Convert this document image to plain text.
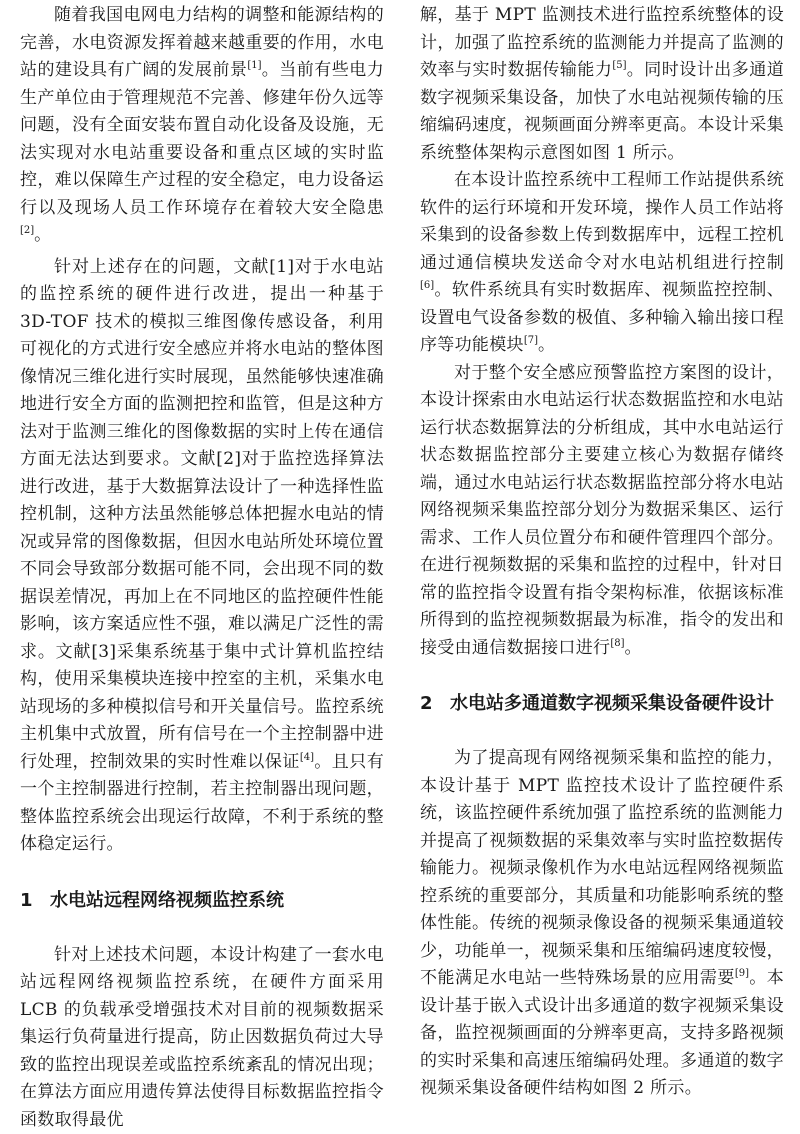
随着我国电网电力结构的调整和能源结构的完善，水电资源发挥着越来越重要的作用，水电站的建设具有广阔的发展前景[1]。当前有些电力生产单位由于管理规范不完善、修建年份久远等问题，没有全面安装布置自动化设备及设施，无法实现对水电站重要设备和重点区域的实时监控，难以保障生产过程的安全稳定，电力设备运行以及现场人员工作环境存在着较大安全隐患[2]。

针对上述存在的问题，文献[1]对于水电站的监控系统的硬件进行改进，提出一种基于 3D-TOF 技术的模拟三维图像传感设备，利用可视化的方式进行安全感应并将水电站的整体图像情况三维化进行实时展现，虽然能够快速准确地进行安全方面的监测把控和监管，但是这种方法对于监测三维化的图像数据的实时上传在通信方面无法达到要求。文献[2]对于监控选择算法进行改进，基于大数据算法设计了一种选择性监控机制，这种方法虽然能够总体把握水电站的情况或异常的图像数据，但因水电站所处环境位置不同会导致部分数据可能不同，会出现不同的数据误差情况，再加上在不同地区的监控硬件性能影响，该方案适应性不强，难以满足广泛性的需求。文献[3]采集系统基于集中式计算机监控结构，使用采集模块连接中控室的主机，采集水电站现场的多种模拟信号和开关量信号。监控系统主机集中式放置，所有信号在一个主控制器中进行处理，控制效果的实时性难以保证[4]。且只有一个主控制器进行控制，若主控制器出现问题，整体监控系统会出现运行故障，不利于系统的整体稳定运行。

1 水电站远程网络视频监控系统

针对上述技术问题，本设计构建了一套水电站远程网络视频监控系统，在硬件方面采用 LCB 的负载承受增强技术对目前的视频数据采集运行负荷量进行提高，防止因数据负荷过大导致的监控出现误差或监控系统紊乱的情况出现；在算法方面应用遗传算法使得目标数据监控指令函数取得最优

解，基于 MPT 监测技术进行监控系统整体的设计，加强了监控系统的监测能力并提高了监测的效率与实时数据传输能力[5]。同时设计出多通道数字视频采集设备，加快了水电站视频传输的压缩编码速度，视频画面分辨率更高。本设计采集系统整体架构示意图如图 1 所示。

在本设计监控系统中工程师工作站提供系统软件的运行环境和开发环境，操作人员工作站将采集到的设备参数上传到数据库中，远程工控机通过通信模块发送命令对水电站机组进行控制[6]。软件系统具有实时数据库、视频监控控制、设置电气设备参数的极值、多种输入输出接口程序等功能模块[7]。

对于整个安全感应预警监控方案图的设计，本设计探索由水电站运行状态数据监控和水电站运行状态数据算法的分析组成，其中水电站运行状态数据监控部分主要建立核心为数据存储终端，通过水电站运行状态数据监控部分将水电站网络视频采集监控部分划分为数据采集区、运行需求、工作人员位置分布和硬件管理四个部分。在进行视频数据的采集和监控的过程中，针对日常的监控指令设置有指令架构标准，依据该标准所得到的监控视频数据最为标准，指令的发出和接受由通信数据接口进行[8]。

2 水电站多通道数字视频采集设备硬件设计

为了提高现有网络视频采集和监控的能力，本设计基于 MPT 监控技术设计了监控硬件系统，该监控硬件系统加强了监控系统的监测能力并提高了视频数据的采集效率与实时监控数据传输能力。视频录像机作为水电站远程网络视频监控系统的重要部分，其质量和功能影响系统的整体性能。传统的视频录像设备的视频采集通道较少，功能单一，视频采集和压缩编码速度较慢，不能满足水电站一些特殊场景的应用需要[9]。本设计基于嵌入式设计出多通道的数字视频采集设备，监控视频画面的分辨率更高，支持多路视频的实时采集和高速压缩编码处理。多通道的数字视频采集设备硬件结构如图 2 所示。
